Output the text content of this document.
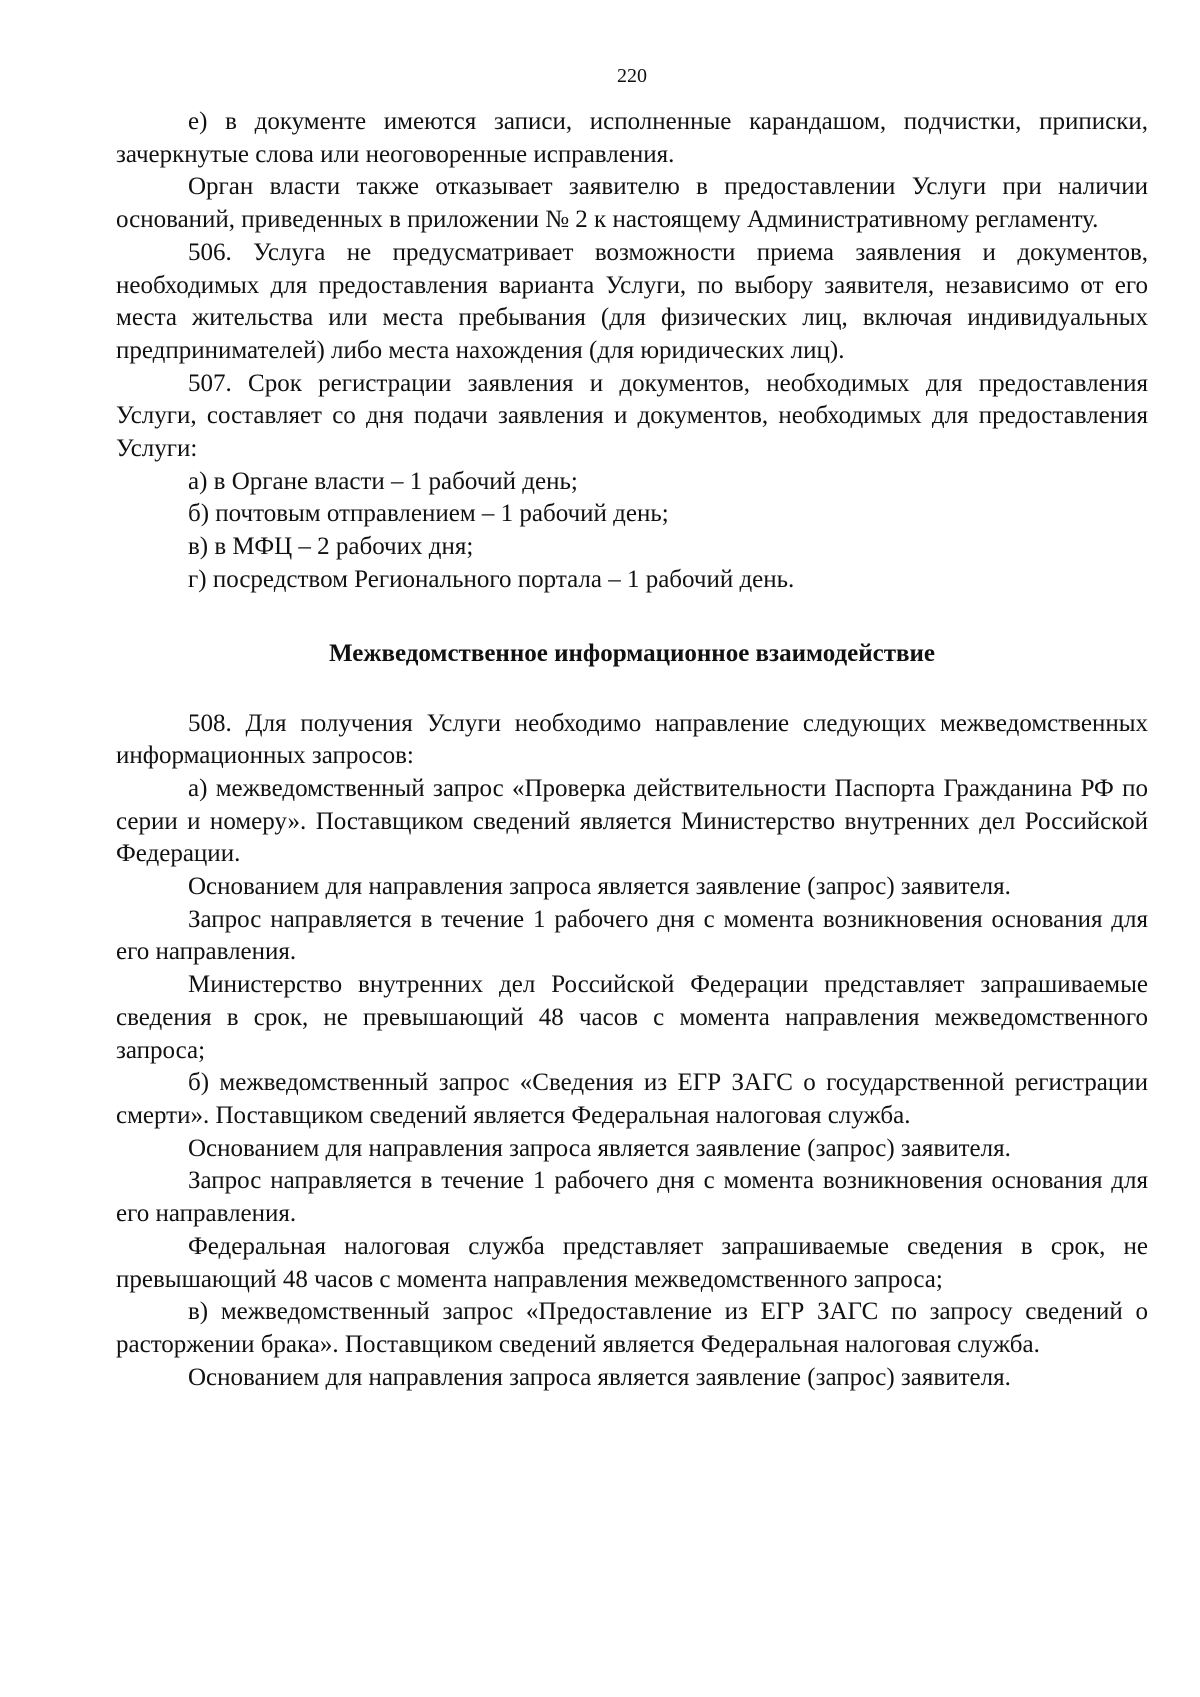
220

е) в документе имеются записи, исполненные карандашом, подчистки, приписки, зачеркнутые слова или неоговоренные исправления.

Орган власти также отказывает заявителю в предоставлении Услуги при наличии оснований, приведенных в приложении № 2 к настоящему Административному регламенту.

506. Услуга не предусматривает возможности приема заявления и документов, необходимых для предоставления варианта Услуги, по выбору заявителя, независимо от его места жительства или места пребывания (для физических лиц, включая индивидуальных предпринимателей) либо места нахождения (для юридических лиц).

507. Срок регистрации заявления и документов, необходимых для предоставления Услуги, составляет со дня подачи заявления и документов, необходимых для предоставления Услуги:

а) в Органе власти – 1 рабочий день;

б) почтовым отправлением – 1 рабочий день;

в) в МФЦ – 2 рабочих дня;

г) посредством Регионального портала – 1 рабочий день.

Межведомственное информационное взаимодействие

508. Для получения Услуги необходимо направление следующих межведомственных информационных запросов:

а) межведомственный запрос «Проверка действительности Паспорта Гражданина РФ по серии и номеру». Поставщиком сведений является Министерство внутренних дел Российской Федерации.

Основанием для направления запроса является заявление (запрос) заявителя.

Запрос направляется в течение 1 рабочего дня с момента возникновения основания для его направления.

Министерство внутренних дел Российской Федерации представляет запрашиваемые сведения в срок, не превышающий 48 часов с момента направления межведомственного запроса;

б) межведомственный запрос «Сведения из ЕГР ЗАГС о государственной регистрации смерти». Поставщиком сведений является Федеральная налоговая служба.

Основанием для направления запроса является заявление (запрос) заявителя.

Запрос направляется в течение 1 рабочего дня с момента возникновения основания для его направления.

Федеральная налоговая служба представляет запрашиваемые сведения в срок, не превышающий 48 часов с момента направления межведомственного запроса;

в) межведомственный запрос «Предоставление из ЕГР ЗАГС по запросу сведений о расторжении брака». Поставщиком сведений является Федеральная налоговая служба.

Основанием для направления запроса является заявление (запрос) заявителя.
